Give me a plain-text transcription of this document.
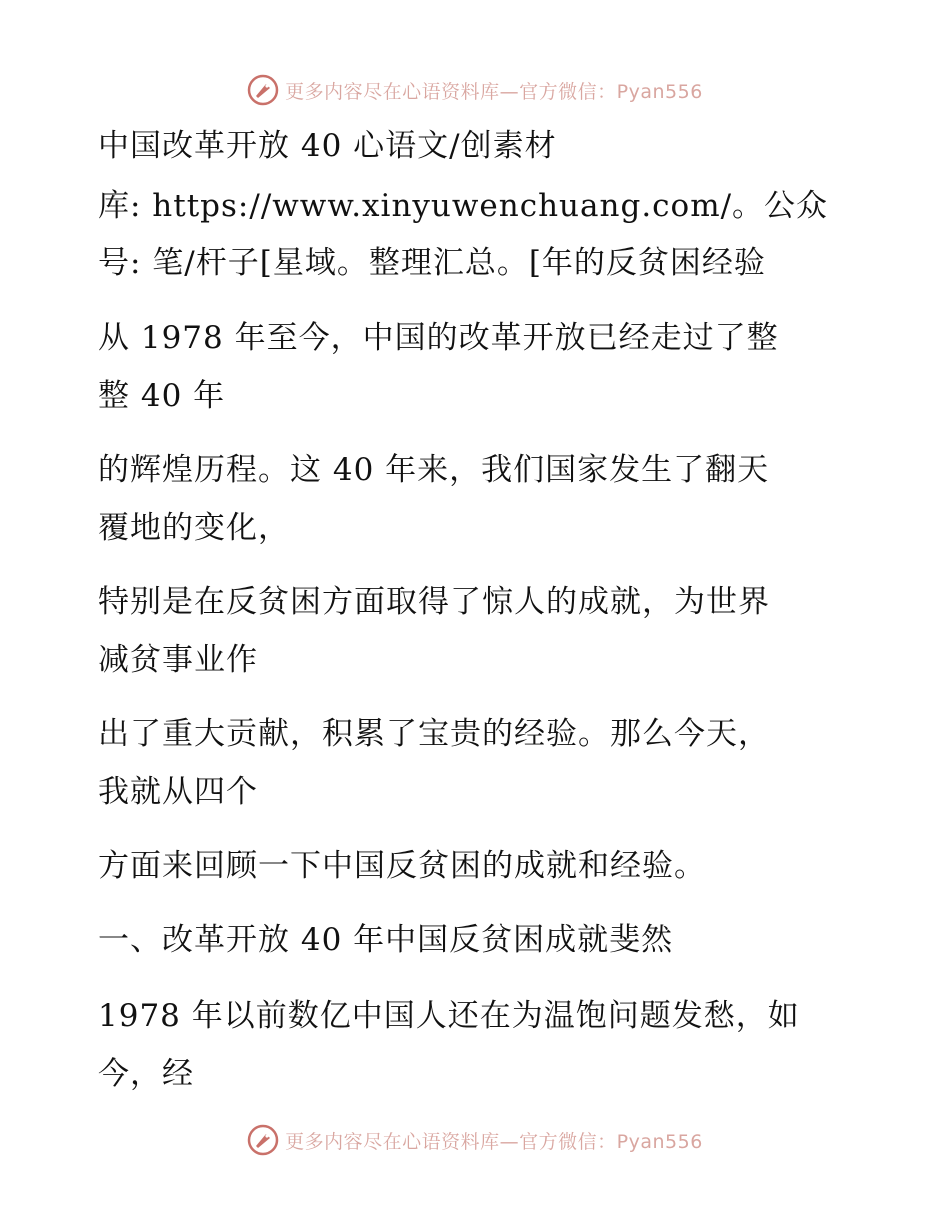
更多内容尽在心语资料库—官方微信：Pyan556
中国改革开放 40 心语文/创素材
库: https://www.xinyuwenchuang.com/。公众
号: 笔/杆子[星域。整理汇总。[年的反贫困经验
从 1978 年至今，中国的改革开放已经走过了整
整 40 年
的辉煌历程。这 40 年来，我们国家发生了翻天
覆地的变化，
特别是在反贫困方面取得了惊人的成就，为世界
减贫事业作
出了重大贡献，积累了宝贵的经验。那么今天，
我就从四个
方面来回顾一下中国反贫困的成就和经验。
一、改革开放 40 年中国反贫困成就斐然
1978 年以前数亿中国人还在为温饱问题发愁，如
今，经
更多内容尽在心语资料库—官方微信：Pyan556
